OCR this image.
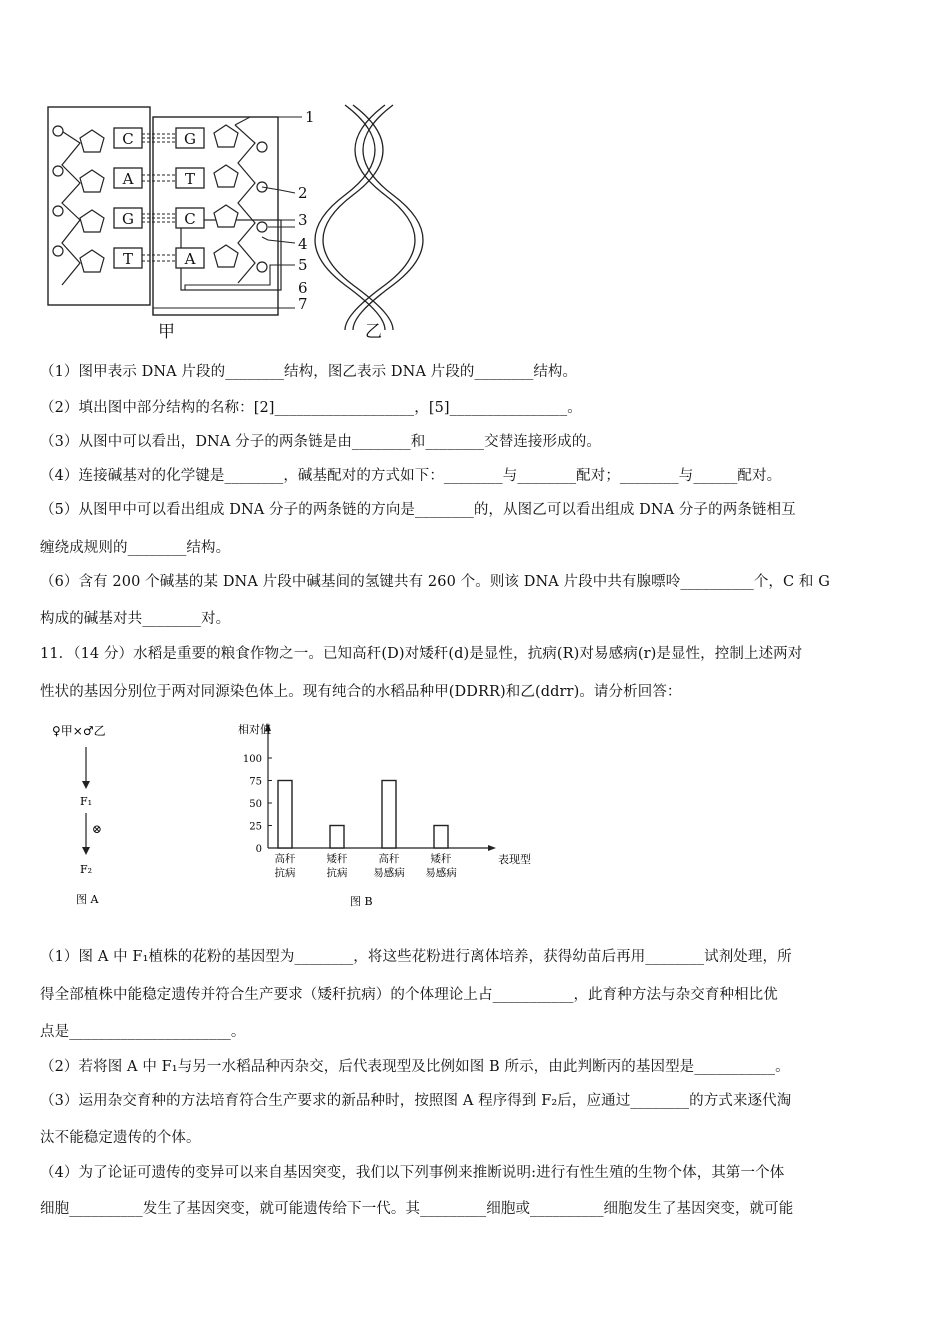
C
A
G
T
G
T
C
A
1
2
3
4
5
6
7
甲	乙
（1）图甲表示 DNA 片段的________结构，图乙表示 DNA 片段的________结构。
（2）填出图中部分结构的名称：[2]___________________，[5]________________。
（3）从图中可以看出，DNA 分子的两条链是由________和________交替连接形成的。
（4）连接碱基对的化学键是________，碱基配对的方式如下：________与________配对；________与______配对。
（5）从图甲中可以看出组成 DNA 分子的两条链的方向是________的，从图乙可以看出组成 DNA 分子的两条链相互
缠绕成规则的________结构。
（6）含有 200 个碱基的某 DNA 片段中碱基间的氢键共有 260 个。则该 DNA 片段中共有腺嘌呤__________个，C 和 G
构成的碱基对共________对。
11．（14 分）水稻是重要的粮食作物之一。已知高秆(D)对矮秆(d)是显性，抗病(R)对易感病(r)是显性，控制上述两对
性状的基因分别位于两对同源染色体上。现有纯合的水稻品种甲(DDRR)和乙(ddrr)。请分析回答：
♀甲×♂乙
F₁
⊗
F₂
图 A
相对值
100
75
50
25
0
高秆
抗病
矮秆
抗病
高秆
易感病
矮秆
易感病
表现型
图 B
（1）图 A 中 F₁植株的花粉的基因型为________，将这些花粉进行离体培养，获得幼苗后再用________试剂处理，所
得全部植株中能稳定遗传并符合生产要求（矮秆抗病）的个体理论上占___________，此育种方法与杂交育种相比优
点是______________________。
（2）若将图 A 中 F₁与另一水稻品种丙杂交，后代表现型及比例如图 B 所示，由此判断丙的基因型是___________。
（3）运用杂交育种的方法培育符合生产要求的新品种时，按照图 A 程序得到 F₂后，应通过________的方式来逐代淘
汰不能稳定遗传的个体。
（4）为了论证可遗传的变异可以来自基因突变，我们以下列事例来推断说明:进行有性生殖的生物个体，其第一个体
细胞__________发生了基因突变，就可能遗传给下一代。其_________细胞或__________细胞发生了基因突变，就可能
